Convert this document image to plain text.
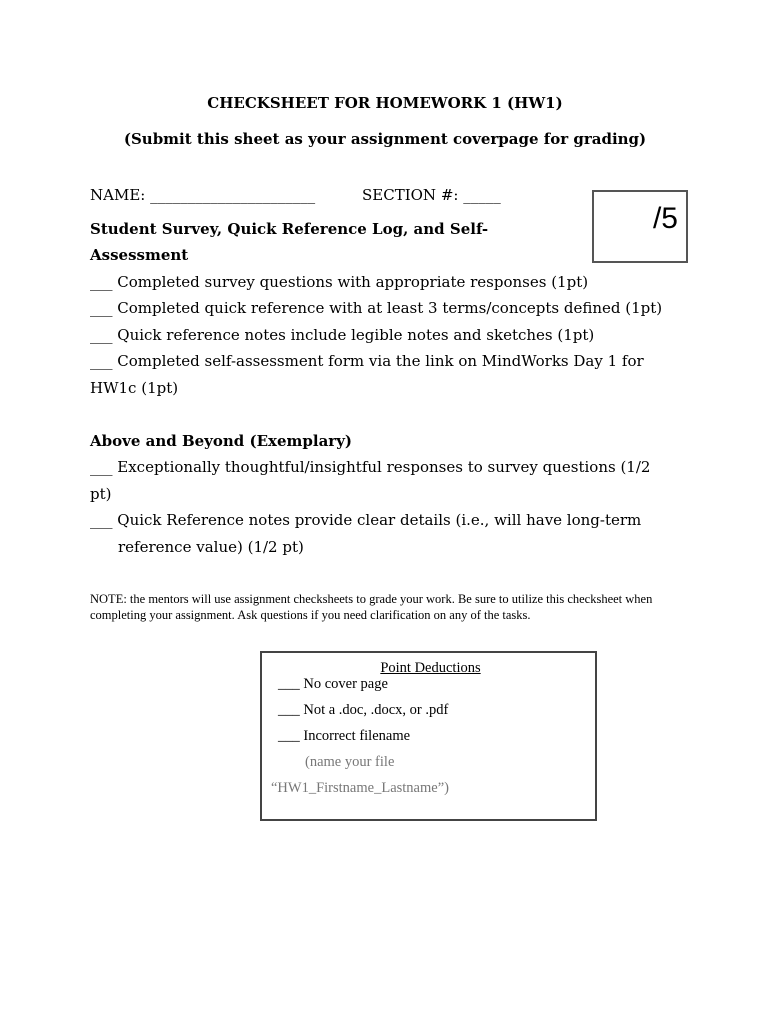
CHECKSHEET FOR HOMEWORK 1 (HW1)
(Submit this sheet as your assignment coverpage for grading)
NAME: ______________________	SECTION #: _____
/5
Student Survey, Quick Reference Log, and Self-
Assessment
___ Completed survey questions with appropriate responses (1pt)
___ Completed quick reference with at least 3 terms/concepts defined (1pt)
___ Quick reference notes include legible notes and sketches (1pt)
___ Completed self-assessment form via the link on MindWorks Day 1 for
HW1c (1pt)
Above and Beyond (Exemplary)
___ Exceptionally thoughtful/insightful responses to survey questions (1/2
pt)
___ Quick Reference notes provide clear details (i.e., will have long-term
reference value) (1/2 pt)
NOTE: the mentors will use assignment checksheets to grade your work. Be sure to utilize this checksheet when completing your assignment. Ask questions if you need clarification on any of the tasks.
Point Deductions
___ No cover page
___ Not a .doc, .docx, or .pdf
___ Incorrect filename
(name your file
“HW1_Firstname_Lastname”)
